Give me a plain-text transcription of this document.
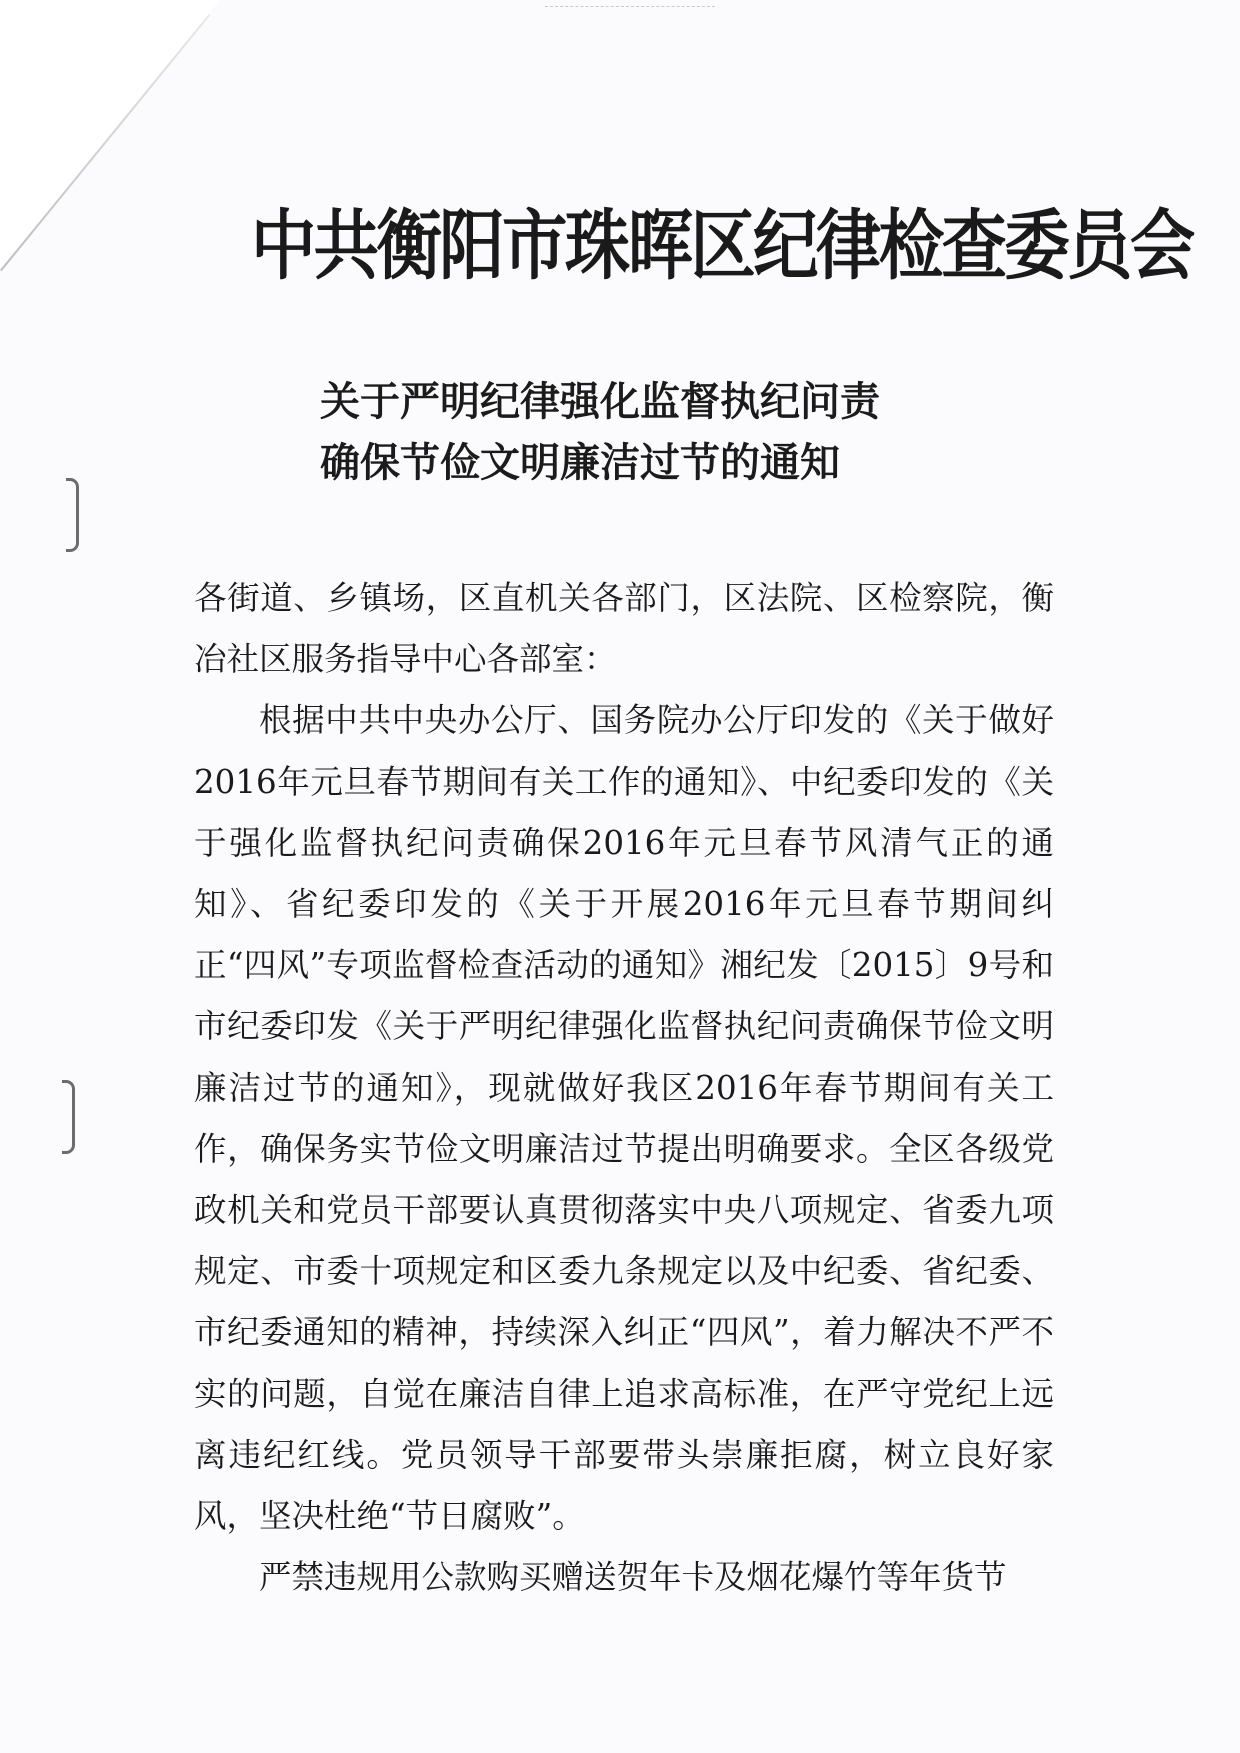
中共衡阳市珠晖区纪律检查委员会
关于严明纪律强化监督执纪问责
确保节俭文明廉洁过节的通知

各街道、乡镇场，区直机关各部门，区法院、区检察院，衡冶社区服务指导中心各部室：

根据中共中央办公厅、国务院办公厅印发的《关于做好2016年元旦春节期间有关工作的通知》、中纪委印发的《关于强化监督执纪问责确保2016年元旦春节风清气正的通知》、省纪委印发的《关于开展2016年元旦春节期间纠正“四风”专项监督检查活动的通知》湘纪发〔2015〕9号和市纪委印发《关于严明纪律强化监督执纪问责确保节俭文明廉洁过节的通知》，现就做好我区2016年春节期间有关工作，确保务实节俭文明廉洁过节提出明确要求。全区各级党政机关和党员干部要认真贯彻落实中央八项规定、省委九项规定、市委十项规定和区委九条规定以及中纪委、省纪委、市纪委通知的精神，持续深入纠正“四风”，着力解决不严不实的问题，自觉在廉洁自律上追求高标准，在严守党纪上远离违纪红线。党员领导干部要带头崇廉拒腐，树立良好家风，坚决杜绝“节日腐败”。

严禁违规用公款购买赠送贺年卡及烟花爆竹等年货节
